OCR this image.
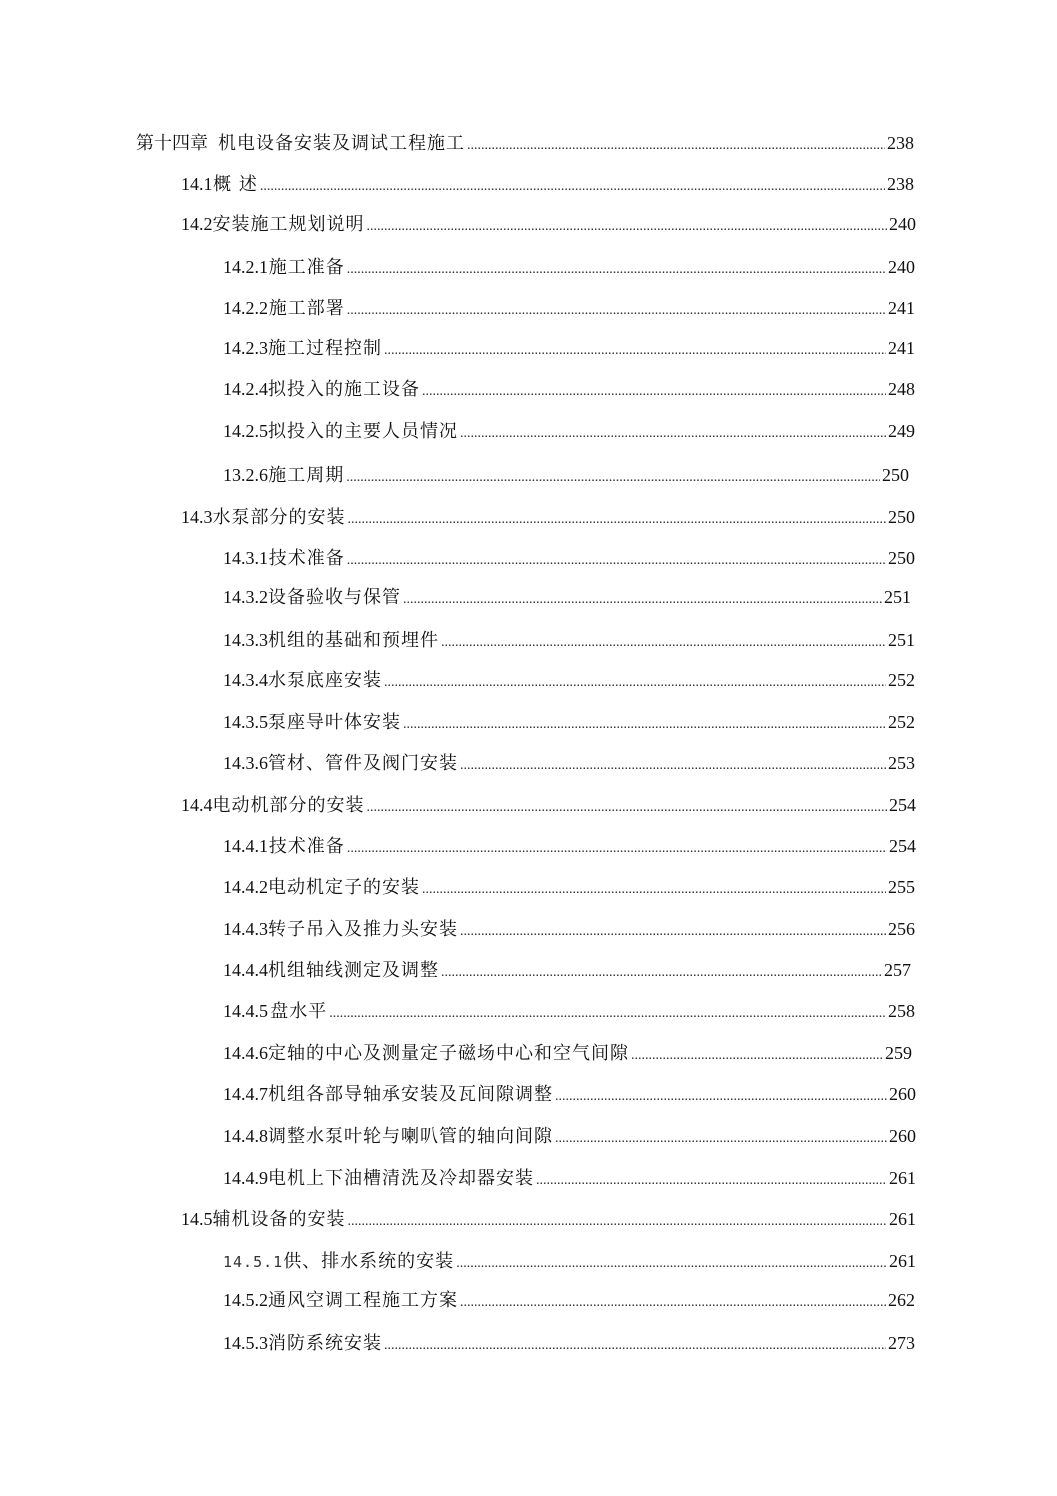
第十四章 机电设备安装及调试工程施工 .....	238
14.1 概 述 .....	238
14.2 安装施工规划说明 .....	240
14.2.1 施工准备 .....	240
14.2.2 施工部署 .....	241
14.2.3 施工过程控制 .....	241
14.2.4 拟投入的施工设备 .....	248
14.2.5 拟投入的主要人员情况 .....	249
13.2.6 施工周期 .....	250
14.3 水泵部分的安装 .....	250
14.3.1 技术准备 .....	250
14.3.2 设备验收与保管 .....	251
14.3.3 机组的基础和预埋件 .....	251
14.3.4 水泵底座安装 .....	252
14.3.5 泵座导叶体安装 .....	252
14.3.6 管材、管件及阀门安装 .....	253
14.4 电动机部分的安装 .....	254
14.4.1 技术准备 .....	254
14.4.2 电动机定子的安装 .....	255
14.4.3 转子吊入及推力头安装 .....	256
14.4.4 机组轴线测定及调整 .....	257
14.4.5 盘水平 .....	258
14.4.6 定轴的中心及测量定子磁场中心和空气间隙 .....	259
14.4.7 机组各部导轴承安装及瓦间隙调整 .....	260
14.4.8 调整水泵叶轮与喇叭管的轴向间隙 .....	260
14.4.9 电机上下油槽清洗及冷却器安装 .....	261
14.5 辅机设备的安装 .....	261
14.5.1 供、排水系统的安装 .....	261
14.5.2 通风空调工程施工方案 .....	262
14.5.3 消防系统安装 .....	273
